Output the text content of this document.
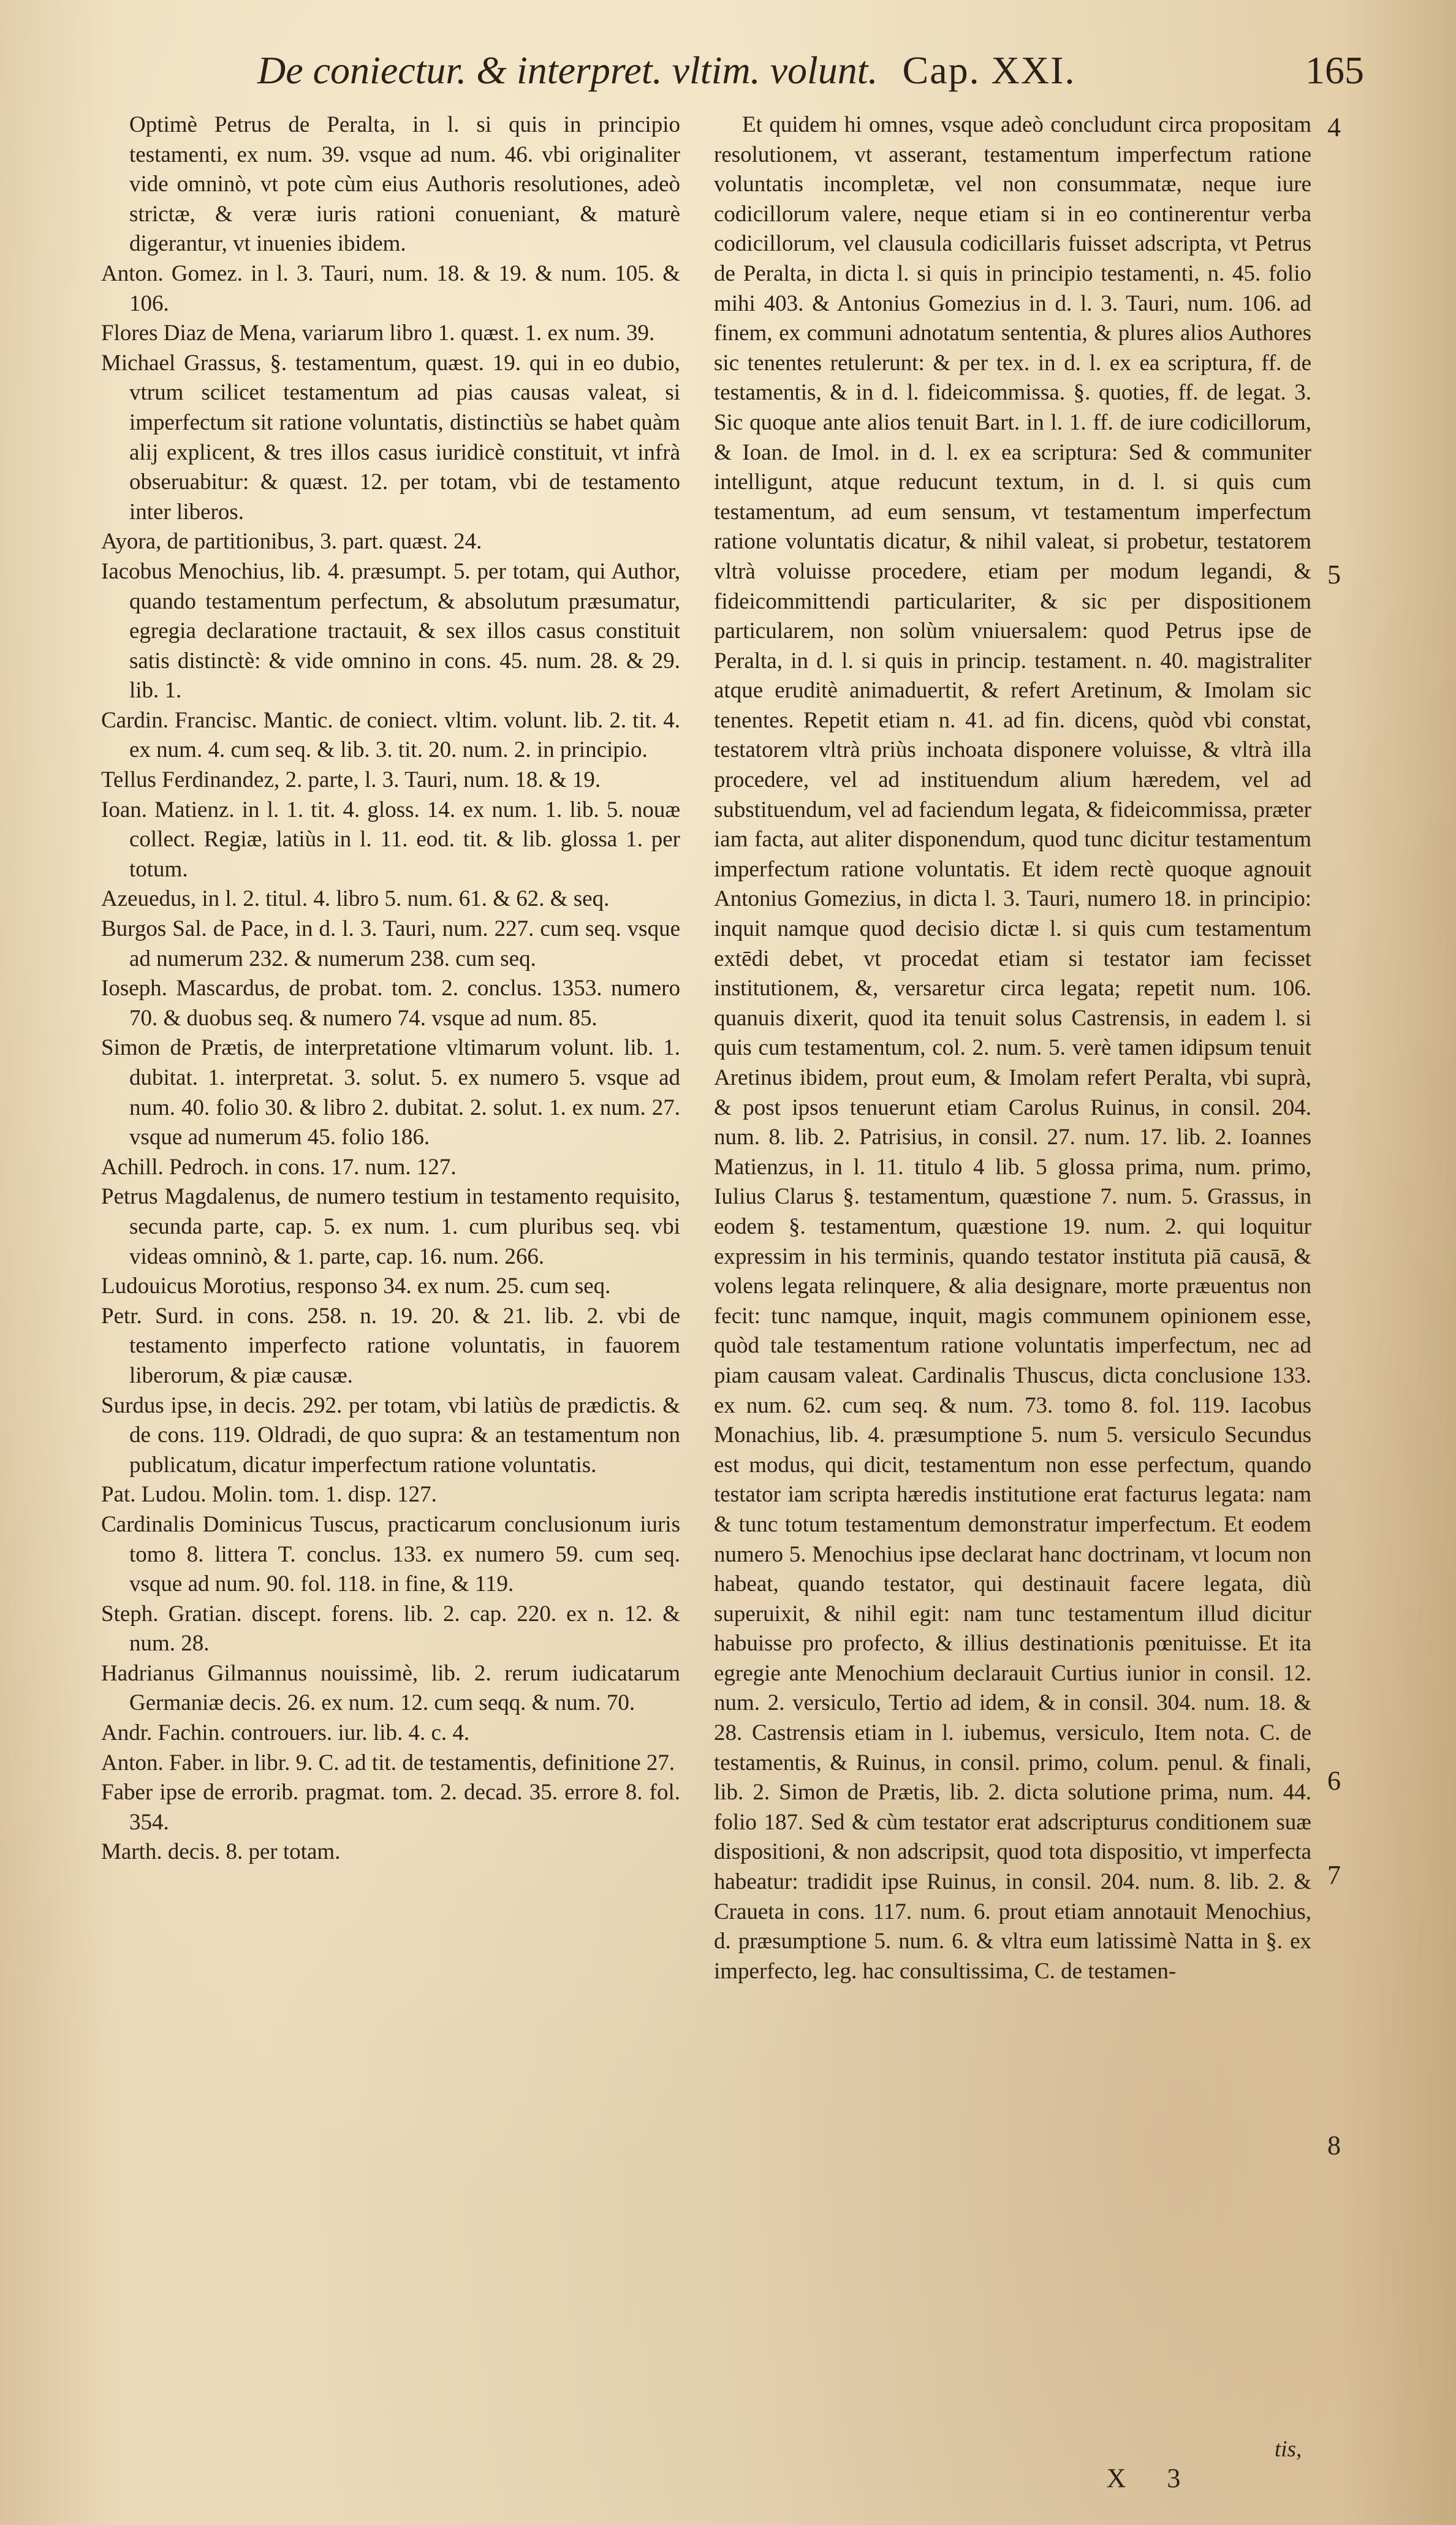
De coniectur. & interpret. vltim. volunt. Cap. XXI.	165

Optimè Petrus de Peralta, in l. si quis in principio testamenti, ex num. 39. vsque ad num. 46. vbi originaliter vide omninò, vt pote cùm eius Authoris resolutiones, adeò strictæ, & veræ iuris rationi conueniant, & maturè digerantur, vt inuenies ibidem.

Anton. Gomez. in l. 3. Tauri, num. 18. & 19. & num. 105. & 106.

Flores Diaz de Mena, variarum libro 1. quæst. 1. ex num. 39.

Michael Grassus, §. testamentum, quæst. 19. qui in eo dubio, vtrum scilicet testamentum ad pias causas valeat, si imperfectum sit ratione voluntatis, distinctiùs se habet quàm alij explicent, & tres illos casus iuridicè constituit, vt infrà obseruabitur: & quæst. 12. per totam, vbi de testamento inter liberos.

Ayora, de partitionibus, 3. part. quæst. 24.

Iacobus Menochius, lib. 4. præsumpt. 5. per totam, qui Author, quando testamentum perfectum, & absolutum præsumatur, egregia declaratione tractauit, & sex illos casus constituit satis distinctè: & vide omnino in cons. 45. num. 28. & 29. lib. 1.

Cardin. Francisc. Mantic. de coniect. vltim. volunt. lib. 2. tit. 4. ex num. 4. cum seq. & lib. 3. tit. 20. num. 2. in principio.

Tellus Ferdinandez, 2. parte, l. 3. Tauri, num. 18. & 19.

Ioan. Matienz. in l. 1. tit. 4. gloss. 14. ex num. 1. lib. 5. nouæ collect. Regiæ, latiùs in l. 11. eod. tit. & lib. glossa 1. per totum.

Azeuedus, in l. 2. titul. 4. libro 5. num. 61. & 62. & seq.

Burgos Sal. de Pace, in d. l. 3. Tauri, num. 227. cum seq. vsque ad numerum 232. & numerum 238. cum seq.

Ioseph. Mascardus, de probat. tom. 2. conclus. 1353. numero 70. & duobus seq. & numero 74. vsque ad num. 85.

Simon de Prætis, de interpretatione vltimarum volunt. lib. 1. dubitat. 1. interpretat. 3. solut. 5. ex numero 5. vsque ad num. 40. folio 30. & libro 2. dubitat. 2. solut. 1. ex num. 27. vsque ad numerum 45. folio 186.

Achill. Pedroch. in cons. 17. num. 127.

Petrus Magdalenus, de numero testium in testamento requisito, secunda parte, cap. 5. ex num. 1. cum pluribus seq. vbi videas omninò, & 1. parte, cap. 16. num. 266.

Ludouicus Morotius, responso 34. ex num. 25. cum seq.

Petr. Surd. in cons. 258. n. 19. 20. & 21. lib. 2. vbi de testamento imperfecto ratione voluntatis, in fauorem liberorum, & piæ causæ.

Surdus ipse, in decis. 292. per totam, vbi latiùs de prædictis. & de cons. 119. Oldradi, de quo supra: & an testamentum non publicatum, dicatur imperfectum ratione voluntatis.

Pat. Ludou. Molin. tom. 1. disp. 127.

Cardinalis Dominicus Tuscus, practicarum conclusionum iuris tomo 8. littera T. conclus. 133. ex numero 59. cum seq. vsque ad num. 90. fol. 118. in fine, & 119.

Steph. Gratian. discept. forens. lib. 2. cap. 220. ex n. 12. & num. 28.

Hadrianus Gilmannus nouissimè, lib. 2. rerum iudicatarum Germaniæ decis. 26. ex num. 12. cum seqq. & num. 70.

Andr. Fachin. controuers. iur. lib. 4. c. 4.

Anton. Faber. in libr. 9. C. ad tit. de testamentis, definitione 27.

Faber ipse de errorib. pragmat. tom. 2. decad. 35. errore 8. fol. 354.

Marth. decis. 8. per totam.

Et quidem hi omnes, vsque adeò concludunt circa propositam resolutionem, vt asserant, testamentum imperfectum ratione voluntatis incompletæ, vel non consummatæ, neque iure codicillorum valere, neque etiam si in eo continerentur verba codicillorum, vel clausula codicillaris fuisset adscripta, vt Petrus de Peralta, in dicta l. si quis in principio testamenti, n. 45. folio mihi 403. & Antonius Gomezius in d. l. 3. Tauri, num. 106. ad finem, ex communi adnotatum sententia, & plures alios Authores sic tenentes retulerunt: & per tex. in d. l. ex ea scriptura, ff. de testamentis, & in d. l. fideicommissa. §. quoties, ff. de legat. 3. Sic quoque ante alios tenuit Bart. in l. 1. ff. de iure codicillorum, & Ioan. de Imol. in d. l. ex ea scriptura: Sed & communiter intelligunt, atque reducunt textum, in d. l. si quis cum testamentum, ad eum sensum, vt testamentum imperfectum ratione voluntatis dicatur, & nihil valeat, si probetur, testatorem vltrà voluisse procedere, etiam per modum legandi, & fideicommittendi particulariter, & sic per dispositionem particularem, non solùm vniuersalem: quod Petrus ipse de Peralta, in d. l. si quis in princip. testament. n. 40. magistraliter atque eruditè animaduertit, & refert Aretinum, & Imolam sic tenentes. Repetit etiam n. 41. ad fin. dicens, quòd vbi constat, testatorem vltrà priùs inchoata disponere voluisse, & vltrà illa procedere, vel ad instituendum alium hæredem, vel ad substituendum, vel ad faciendum legata, & fideicommissa, præter iam facta, aut aliter disponendum, quod tunc dicitur testamentum imperfectum ratione voluntatis. Et idem rectè quoque agnouit Antonius Gomezius, in dicta l. 3. Tauri, numero 18. in principio: inquit namque quod decisio dictæ l. si quis cum testamentum extēdi debet, vt procedat etiam si testator iam fecisset institutionem, &, versaretur circa legata; repetit num. 106. quanuis dixerit, quod ita tenuit solus Castrensis, in eadem l. si quis cum testamentum, col. 2. num. 5. verè tamen idipsum tenuit Aretinus ibidem, prout eum, & Imolam refert Peralta, vbi suprà, & post ipsos tenuerunt etiam Carolus Ruinus, in consil. 204. num. 8. lib. 2. Patrisius, in consil. 27. num. 17. lib. 2. Ioannes Matienzus, in l. 11. titulo 4 lib. 5 glossa prima, num. primo, Iulius Clarus §. testamentum, quæstione 7. num. 5. Grassus, in eodem §. testamentum, quæstione 19. num. 2. qui loquitur expressim in his terminis, quando testator instituta piā causā, & volens legata relinquere, & alia designare, morte præuentus non fecit: tunc namque, inquit, magis communem opinionem esse, quòd tale testamentum ratione voluntatis imperfectum, nec ad piam causam valeat. Cardinalis Thuscus, dicta conclusione 133. ex num. 62. cum seq. & num. 73. tomo 8. fol. 119. Iacobus Monachius, lib. 4. præsumptione 5. num 5. versiculo Secundus est modus, qui dicit, testamentum non esse perfectum, quando testator iam scripta hæredis institutione erat facturus legata: nam & tunc totum testamentum demonstratur imperfectum. Et eodem numero 5. Menochius ipse declarat hanc doctrinam, vt locum non habeat, quando testator, qui destinauit facere legata, diù superuixit, & nihil egit: nam tunc testamentum illud dicitur habuisse pro profecto, & illius destinationis pœnituisse. Et ita egregie ante Menochium declarauit Curtius iunior in consil. 12. num. 2. versiculo, Tertio ad idem, & in consil. 304. num. 18. & 28. Castrensis etiam in l. iubemus, versiculo, Item nota. C. de testamentis, & Ruinus, in consil. primo, colum. penul. & finali, lib. 2. Simon de Prætis, lib. 2. dicta solutione prima, num. 44. folio 187. Sed & cùm testator erat adscripturus conditionem suæ dispositioni, & non adscripsit, quod tota dispositio, vt imperfecta habeatur: tradidit ipse Ruinus, in consil. 204. num. 8. lib. 2. & Craueta in cons. 117. num. 6. prout etiam annotauit Menochius, d. præsumptione 5. num. 6. & vltra eum latissimè Natta in §. ex imperfecto, leg. hac consultissima, C. de testamen-

4
5
6
7
8
X 3
tis,
